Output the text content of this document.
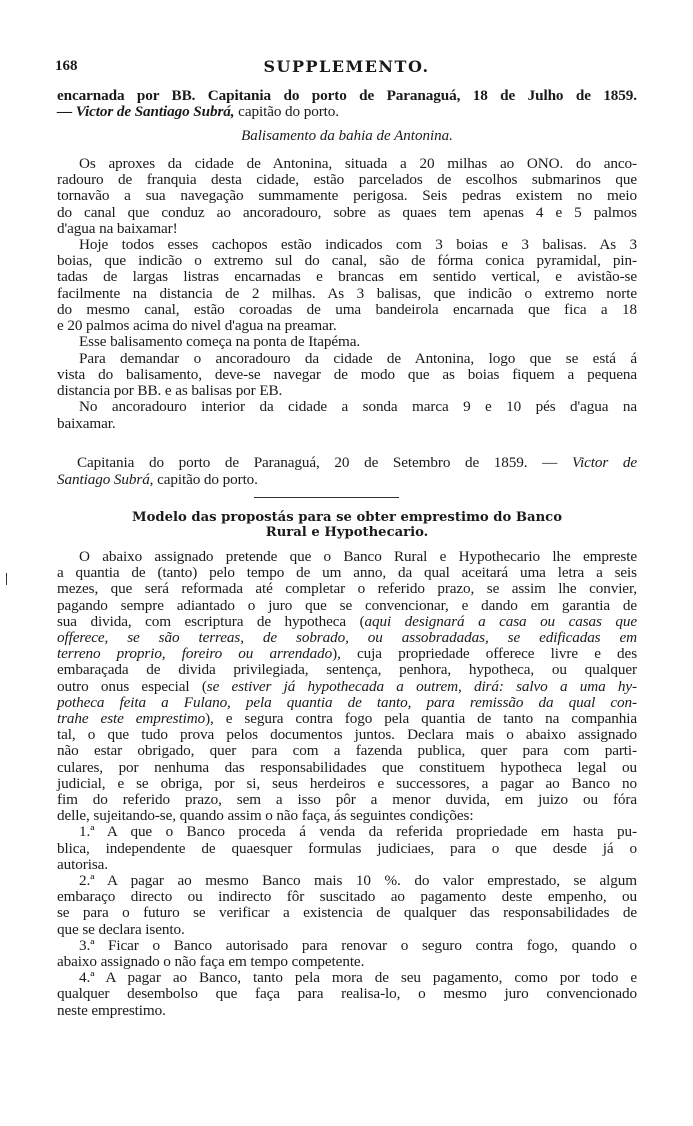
168	SUPPLEMENTO.
encarnada por BB. Capitania do porto de Paranaguá, 18 de Julho de 1859.
— Victor de Santiago Subrá, capitão do porto.
Balisamento da bahia de Antonina.
Os aproxes da cidade de Antonina, situada a 20 milhas ao ONO. do anco-
radouro de franquia desta cidade, estão parcelados de escolhos submarinos que
tornavão a sua navegação summamente perigosa. Seis pedras existem no meio
do canal que conduz ao ancoradouro, sobre as quaes tem apenas 4 e 5 palmos
d'agua na baixamar!
Hoje todos esses cachopos estão indicados com 3 boias e 3 balisas. As 3
boias, que indicão o extremo sul do canal, são de fórma conica pyramidal, pin-
tadas de largas listras encarnadas e brancas em sentido vertical, e avistão-se
facilmente na distancia de 2 milhas. As 3 balisas, que indicão o extremo norte
do mesmo canal, estão coroadas de uma bandeirola encarnada que fica a 18
e 20 palmos acima do nivel d'agua na preamar.
Esse balisamento começa na ponta de Itapéma.
Para demandar o ancoradouro da cidade de Antonina, logo que se está á
vista do balisamento, deve-se navegar de modo que as boias fiquem a pequena
distancia por BB. e as balisas por EB.
No ancoradouro interior da cidade a sonda marca 9 e 10 pés d'agua na
baixamar.
Capitania do porto de Paranaguá, 20 de Setembro de 1859. — Victor de
Santiago Subrá, capitão do porto.
Modelo das propostás para se obter emprestimo do Banco
Rural e Hypothecario.
O abaixo assignado pretende que o Banco Rural e Hypothecario lhe empreste
a quantia de (tanto) pelo tempo de um anno, da qual aceitará uma letra a seis
mezes, que será reformada até completar o referido prazo, se assim lhe convier,
pagando sempre adiantado o juro que se convencionar, e dando em garantia de
sua divida, com escriptura de hypotheca (aqui designará a casa ou casas que
offerece, se são terreas, de sobrado, ou assobradadas, se edificadas em
terreno proprio, foreiro ou arrendado), cuja propriedade offerece livre e des
embaraçada de divida privilegiada, sentença, penhora, hypotheca, ou qualquer
outro onus especial (se estiver já hypothecada a outrem, dirá: salvo a uma hy-
potheca feita a Fulano, pela quantia de tanto, para remissão da qual con-
trahe este emprestimo), e segura contra fogo pela quantia de tanto na companhia
tal, o que tudo prova pelos documentos juntos. Declara mais o abaixo assignado
não estar obrigado, quer para com a fazenda publica, quer para com parti-
culares, por nenhuma das responsabilidades que constituem hypotheca legal ou
judicial, e se obriga, por si, seus herdeiros e successores, a pagar ao Banco no
fim do referido prazo, sem a isso pôr a menor duvida, em juizo ou fóra
delle, sujeitando-se, quando assim o não faça, ás seguintes condições:
1.ª A que o Banco proceda á venda da referida propriedade em hasta pu-
blica, independente de quaesquer formulas judiciaes, para o que desde já o
autorisa.
2.ª A pagar ao mesmo Banco mais 10 %. do valor emprestado, se algum
embaraço directo ou indirecto fôr suscitado ao pagamento deste empenho, ou
se para o futuro se verificar a existencia de qualquer das responsabilidades de
que se declara isento.
3.ª Ficar o Banco autorisado para renovar o seguro contra fogo, quando o
abaixo assignado o não faça em tempo competente.
4.ª A pagar ao Banco, tanto pela mora de seu pagamento, como por todo e
qualquer desembolso que faça para realisa-lo, o mesmo juro convencionado
neste emprestimo.
